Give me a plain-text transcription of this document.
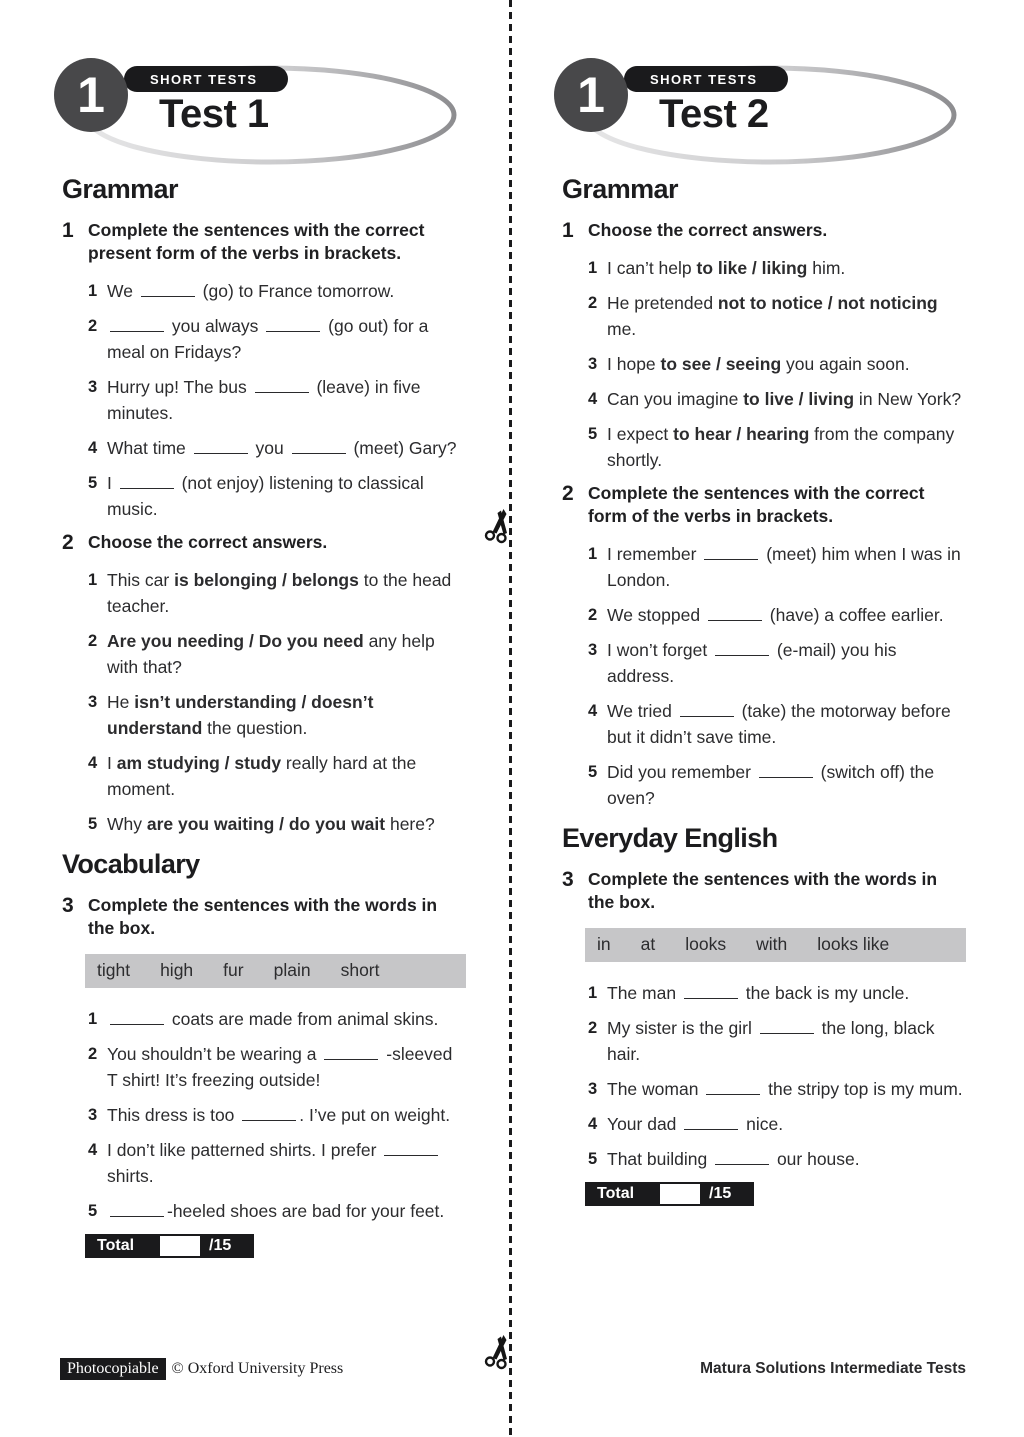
1	SHORT TESTS
Test 1
Grammar
1 Complete the sentences with the correct present form of the verbs in brackets.

1 We	(go) to France tomorrow.
2	you always	(go out) for a meal on Fridays?
3 Hurry up! The bus	(leave) in five minutes.
4 What time	you	(meet) Gary?
5 I	(not enjoy) listening to classical music.
2 Choose the correct answers.

1 This car is belonging / belongs to the head teacher.
2 Are you needing / Do you need any help with that?
3 He isn’t understanding / doesn’t understand the question.
4 I am studying / study really hard at the moment.
5 Why are you waiting / do you wait here?
Vocabulary
3 Complete the sentences with the words in the box.

tight high fur plain short
1	coats are made from animal skins.
2 You shouldn’t be wearing a	-sleeved T shirt! It’s freezing outside!
3 This dress is too	. I’ve put on weight.
4 I don’t like patterned shirts. I prefer  shirts.
5	-heeled shoes are bad for your feet.
Total	/15
1	SHORT TESTS
Test 2
Grammar
1 Choose the correct answers.

1 I can’t help to like / liking him.
2 He pretended not to notice / not noticing me.
3 I hope to see / seeing you again soon.
4 Can you imagine to live / living in New York?
5 I expect to hear / hearing from the company shortly.
2 Complete the sentences with the correct form of the verbs in brackets.

1 I remember	(meet) him when I was in London.
2 We stopped	(have) a coffee earlier.
3 I won’t forget	(e-mail) you his address.
4 We tried	(take) the motorway before but it didn’t save time.
5 Did you remember	(switch off) the oven?
Everyday English
3 Complete the sentences with the words in the box.

in at looks with looks like
1 The man	the back is my uncle.
2 My sister is the girl	the long, black hair.
3 The woman	the stripy top is my mum.
4 Your dad	nice.
5 That building	our house.
Total	/15
Photocopiable © Oxford University Press	Matura Solutions Intermediate Tests
